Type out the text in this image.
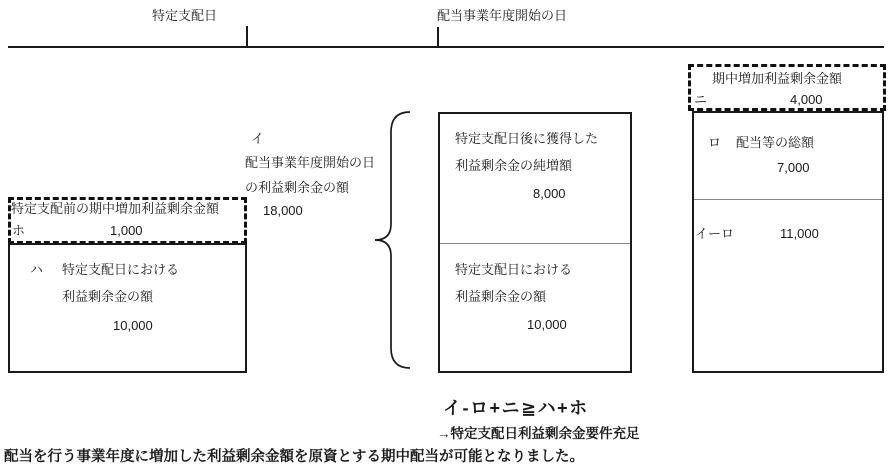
特定支配日	配当事業年度開始の日
特定支配前の期中増加利益剰余金額
ホ	1,000
ハ 特定支配日における
利益剰余金の額
10,000
イ
配当事業年度開始の日
の利益剰余金の額
18,000
特定支配日後に獲得した
利益剰余金の純増額
8,000
特定支配日における
利益剰余金の額
10,000
期中増加利益剰余金額
ニ	4,000
ロ 配当等の総額
7,000
イーロ	11,000
イ-ロ+ニ≧ハ+ホ
→特定支配日利益剰余金要件充足
配当を行う事業年度に増加した利益剰余金額を原資とする期中配当が可能となりました。
